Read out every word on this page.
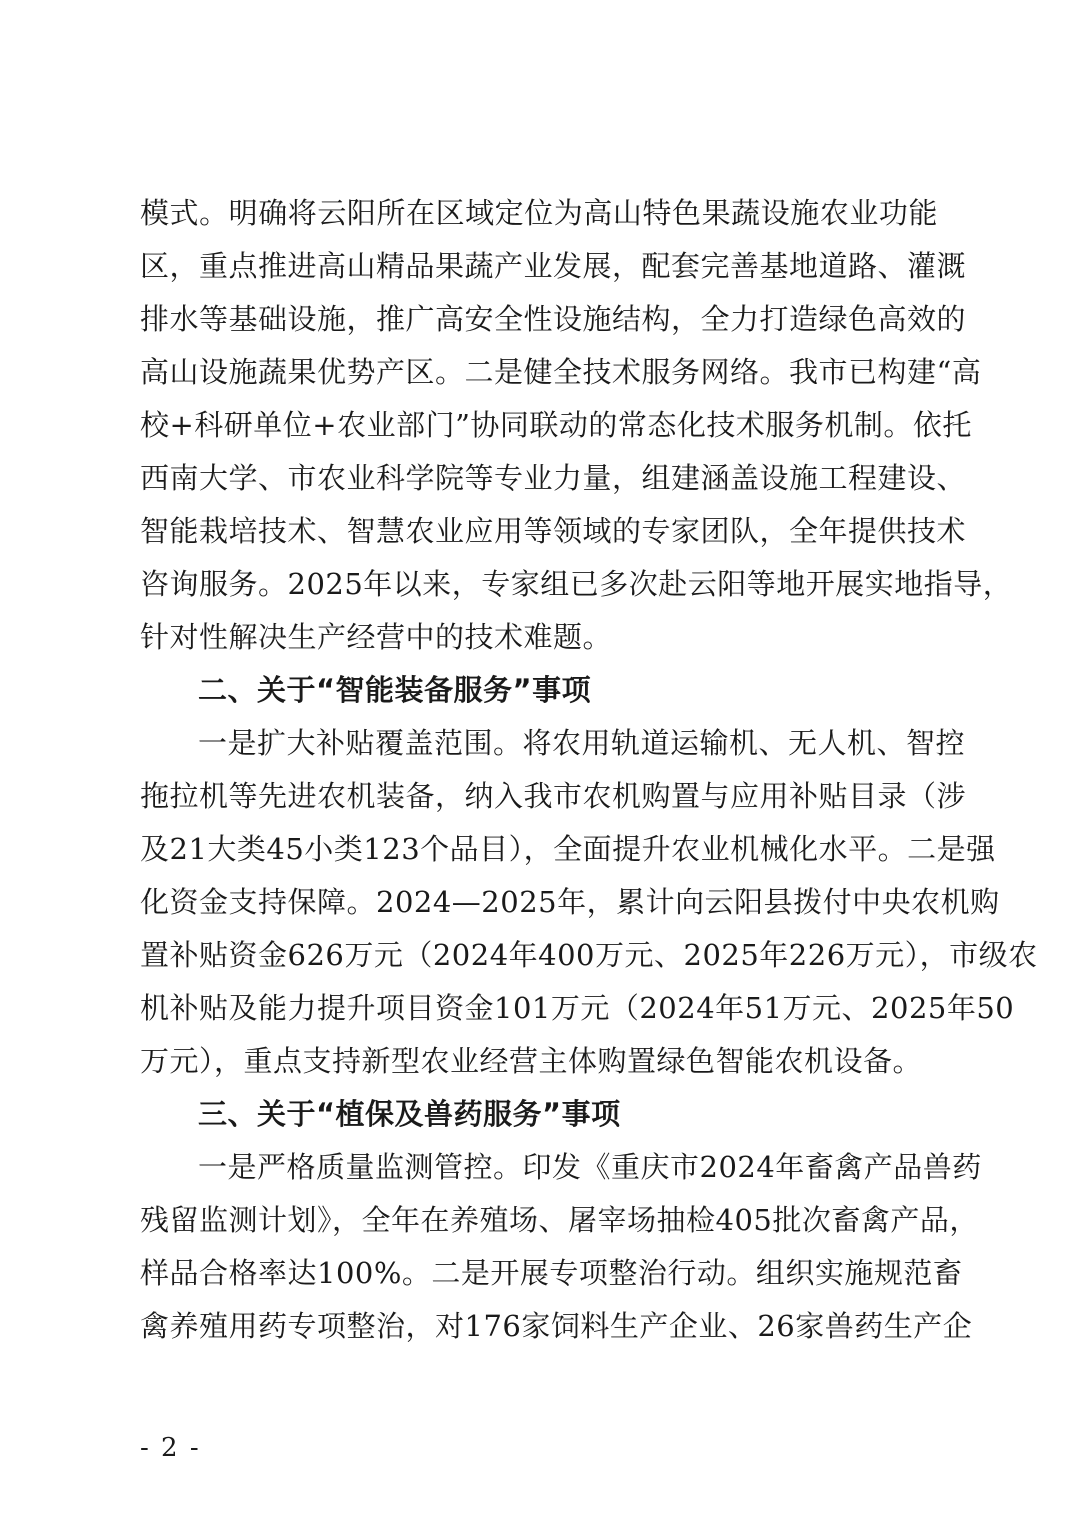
模式。明确将云阳所在区域定位为高山特色果蔬设施农业功能
区，重点推进高山精品果蔬产业发展，配套完善基地道路、灌溉
排水等基础设施，推广高安全性设施结构，全力打造绿色高效的
高山设施蔬果优势产区。二是健全技术服务网络。我市已构建“高
校+科研单位+农业部门”协同联动的常态化技术服务机制。依托
西南大学、市农业科学院等专业力量，组建涵盖设施工程建设、
智能栽培技术、智慧农业应用等领域的专家团队，全年提供技术
咨询服务。2025年以来，专家组已多次赴云阳等地开展实地指导，
针对性解决生产经营中的技术难题。
二、关于“智能装备服务”事项
一是扩大补贴覆盖范围。将农用轨道运输机、无人机、智控
拖拉机等先进农机装备，纳入我市农机购置与应用补贴目录（涉
及21大类45小类123个品目），全面提升农业机械化水平。二是强
化资金支持保障。2024—2025年，累计向云阳县拨付中央农机购
置补贴资金626万元（2024年400万元、2025年226万元），市级农
机补贴及能力提升项目资金101万元（2024年51万元、2025年50
万元），重点支持新型农业经营主体购置绿色智能农机设备。
三、关于“植保及兽药服务”事项
一是严格质量监测管控。印发《重庆市2024年畜禽产品兽药
残留监测计划》，全年在养殖场、屠宰场抽检405批次畜禽产品，
样品合格率达100%。二是开展专项整治行动。组织实施规范畜
禽养殖用药专项整治，对176家饲料生产企业、26家兽药生产企
- 2 -
